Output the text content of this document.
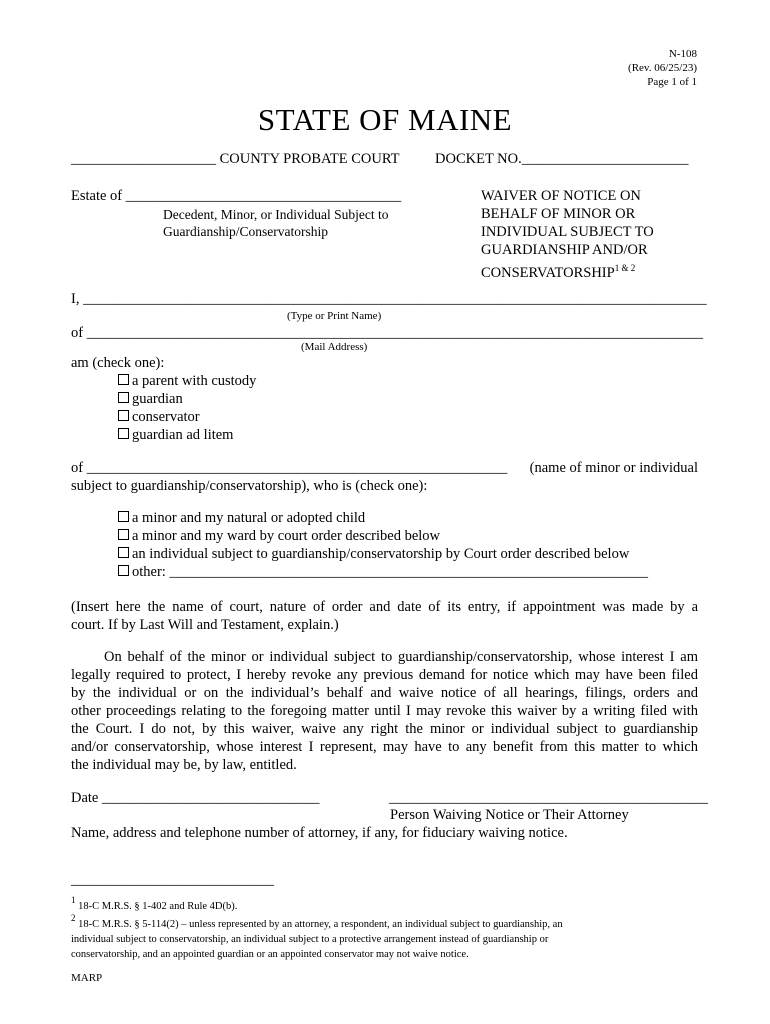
N-108
(Rev. 06/25/23)
Page 1 of 1
STATE OF MAINE
____________________ COUNTY PROBATE COURT DOCKET NO._______________________
Estate of ______________________________________
Decedent, Minor, or Individual Subject to
Guardianship/Conservatorship
WAIVER OF NOTICE ON
BEHALF OF MINOR OR
INDIVIDUAL SUBJECT TO
GUARDIANSHIP AND/OR
$CONSERVATORSHIP^{1 \& 2}$
I, ______________________________________________________________________________________
(Type or Print Name)
of _____________________________________________________________________________________
(Mail Address)
am (check one):
a parent with custody
guardian
conservator
guardian ad litem
of __________________________________________________________ (name of minor or individual
subject to guardianship/conservatorship), who is (check one):
a minor and my natural or adopted child
a minor and my ward by court order described below
an individual subject to guardianship/conservatorship by Court order described below
other: __________________________________________________________________
(Insert here the name of court, nature of order and date of its entry, if appointment was made by a
court. If by Last Will and Testament, explain.)
On behalf of the minor or individual subject to guardianship/conservatorship, whose interest I am
legally required to protect, I hereby revoke any previous demand for notice which may have been filed
by the individual or on the individual’s behalf and waive notice of all hearings, filings, orders and
other proceedings relating to the foregoing matter until I may revoke this waiver by a writing filed with
the Court. I do not, by this waiver, waive any right the minor or individual subject to guardianship
and/or conservatorship, whose interest I represent, may have to any benefit from this matter to which
the individual may be, by law, entitled.
Date ______________________________	____________________________________________
Person Waiving Notice or Their Attorney
Name, address and telephone number of attorney, if any, for fiduciary waiving notice.
____________________________
1 18-C M.R.S. § 1-402 and Rule 4D(b).
2 18-C M.R.S. § 5-114(2) – unless represented by an attorney, a respondent, an individual subject to guardianship, an
individual subject to conservatorship, an individual subject to a protective arrangement instead of guardianship or
conservatorship, and an appointed guardian or an appointed conservator may not waive notice.
MARP
